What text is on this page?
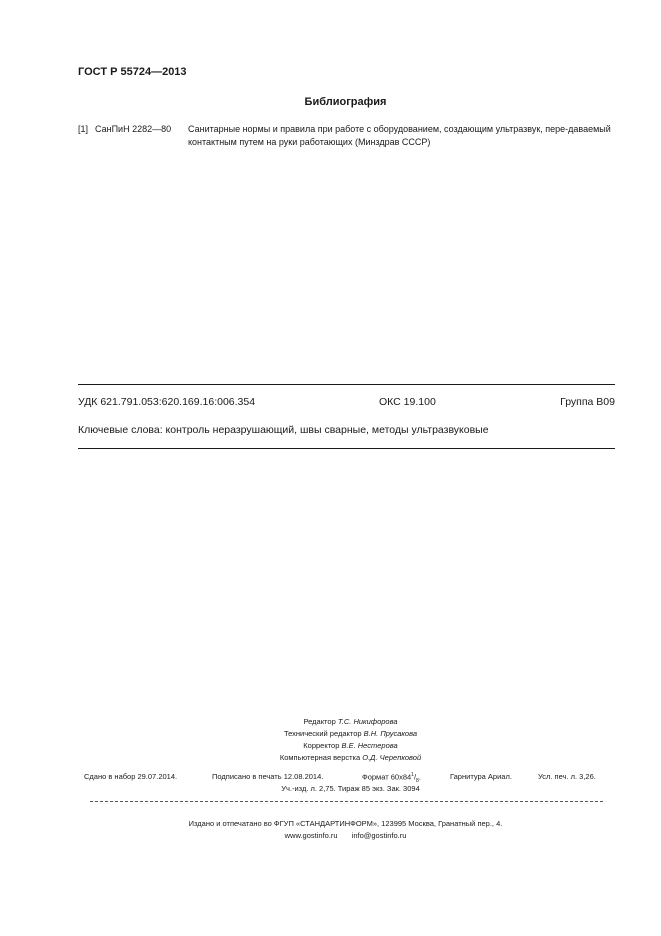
ГОСТ Р 55724—2013
Библиография
[1] СанПиН 2282—80 Санитарные нормы и правила при работе с оборудованием, создающим ультразвук, пере-даваемый контактным путем на руки работающих (Минздрав СССР)
УДК 621.791.053:620.169.16:006.354	ОКС 19.100	Группа В09
Ключевые слова: контроль неразрушающий, швы сварные, методы ультразвуковые
Редактор Т.С. Никифорова
Технический редактор В.Н. Прусакова
Корректор В.Е. Нестерова
Компьютерная верстка О.Д. Черепковой
Сдано в набор 29.07.2014.	Подписано в печать 12.08.2014.	Формат $60х84^1/_8$.	Гарнитура Ариал.	Усл. печ. л. 3,26.
Уч.-изд. л. 2,75. Тираж 85 экз. Зак. 3094
Издано и отпечатано во ФГУП «СТАНДАРТИНФОРМ», 123995 Москва, Гранатный пер., 4.
www.gostinfo.ru info@gostinfo.ru
